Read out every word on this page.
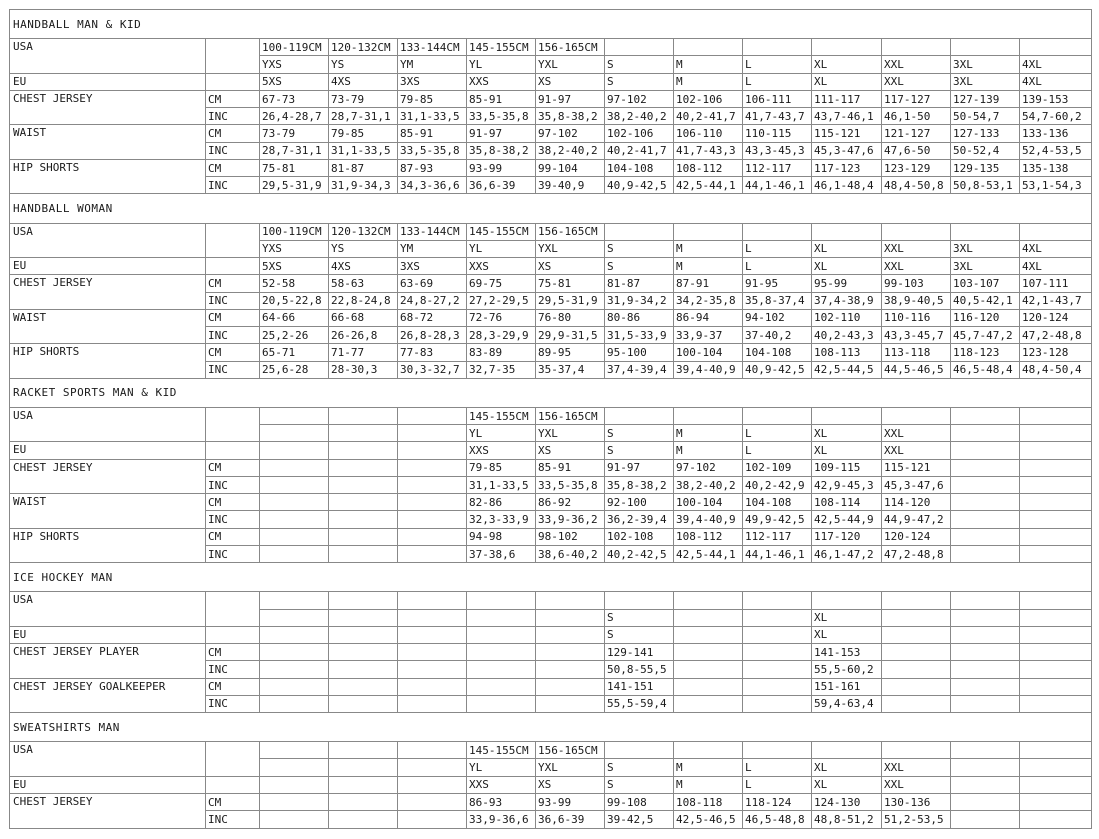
HANDBALL MAN & KID													
USA		100-119CM	120-132CM	133-144CM	145-155CM	156-165CM							
		YXS	YS	YM	YL	YXL	S	M	L	XL	XXL	3XL	4XL
EU		5XS	4XS	3XS	XXS	XS	S	M	L	XL	XXL	3XL	4XL
CHEST JERSEY	CM	67-73	73-79	79-85	85-91	91-97	97-102	102-106	106-111	111-117	117-127	127-139	139-153
	INC	26,4-28,7	28,7-31,1	31,1-33,5	33,5-35,8	35,8-38,2	38,2-40,2	40,2-41,7	41,7-43,7	43,7-46,1	46,1-50	50-54,7	54,7-60,2
WAIST	CM	73-79	79-85	85-91	91-97	97-102	102-106	106-110	110-115	115-121	121-127	127-133	133-136
	INC	28,7-31,1	31,1-33,5	33,5-35,8	35,8-38,2	38,2-40,2	40,2-41,7	41,7-43,3	43,3-45,3	45,3-47,6	47,6-50	50-52,4	52,4-53,5
HIP SHORTS	CM	75-81	81-87	87-93	93-99	99-104	104-108	108-112	112-117	117-123	123-129	129-135	135-138
	INC	29,5-31,9	31,9-34,3	34,3-36,6	36,6-39	39-40,9	40,9-42,5	42,5-44,1	44,1-46,1	46,1-48,4	48,4-50,8	50,8-53,1	53,1-54,3
HANDBALL WOMAN													
USA		100-119CM	120-132CM	133-144CM	145-155CM	156-165CM							
		YXS	YS	YM	YL	YXL	S	M	L	XL	XXL	3XL	4XL
EU		5XS	4XS	3XS	XXS	XS	S	M	L	XL	XXL	3XL	4XL
CHEST JERSEY	CM	52-58	58-63	63-69	69-75	75-81	81-87	87-91	91-95	95-99	99-103	103-107	107-111
	INC	20,5-22,8	22,8-24,8	24,8-27,2	27,2-29,5	29,5-31,9	31,9-34,2	34,2-35,8	35,8-37,4	37,4-38,9	38,9-40,5	40,5-42,1	42,1-43,7
WAIST	CM	64-66	66-68	68-72	72-76	76-80	80-86	86-94	94-102	102-110	110-116	116-120	120-124
	INC	25,2-26	26-26,8	26,8-28,3	28,3-29,9	29,9-31,5	31,5-33,9	33,9-37	37-40,2	40,2-43,3	43,3-45,7	45,7-47,2	47,2-48,8
HIP SHORTS	CM	65-71	71-77	77-83	83-89	89-95	95-100	100-104	104-108	108-113	113-118	118-123	123-128
	INC	25,6-28	28-30,3	30,3-32,7	32,7-35	35-37,4	37,4-39,4	39,4-40,9	40,9-42,5	42,5-44,5	44,5-46,5	46,5-48,4	48,4-50,4
RACKET SPORTS MAN & KID													
USA					145-155CM	156-165CM							
					YL	YXL	S	M	L	XL	XXL		
EU					XXS	XS	S	M	L	XL	XXL		
CHEST JERSEY	CM				79-85	85-91	91-97	97-102	102-109	109-115	115-121		
	INC				31,1-33,5	33,5-35,8	35,8-38,2	38,2-40,2	40,2-42,9	42,9-45,3	45,3-47,6		
WAIST	CM				82-86	86-92	92-100	100-104	104-108	108-114	114-120		
	INC				32,3-33,9	33,9-36,2	36,2-39,4	39,4-40,9	49,9-42,5	42,5-44,9	44,9-47,2		
HIP SHORTS	CM				94-98	98-102	102-108	108-112	112-117	117-120	120-124		
	INC				37-38,6	38,6-40,2	40,2-42,5	42,5-44,1	44,1-46,1	46,1-47,2	47,2-48,8		
ICE HOCKEY MAN													
USA													
							S			XL			
EU							S			XL			
CHEST JERSEY PLAYER	CM						129-141			141-153			
	INC						50,8-55,5			55,5-60,2			
CHEST JERSEY GOALKEEPER	CM						141-151			151-161			
	INC						55,5-59,4			59,4-63,4			
SWEATSHIRTS MAN													
USA					145-155CM	156-165CM							
					YL	YXL	S	M	L	XL	XXL		
EU					XXS	XS	S	M	L	XL	XXL		
CHEST JERSEY	CM				86-93	93-99	99-108	108-118	118-124	124-130	130-136		
	INC				33,9-36,6	36,6-39	39-42,5	42,5-46,5	46,5-48,8	48,8-51,2	51,2-53,5		
